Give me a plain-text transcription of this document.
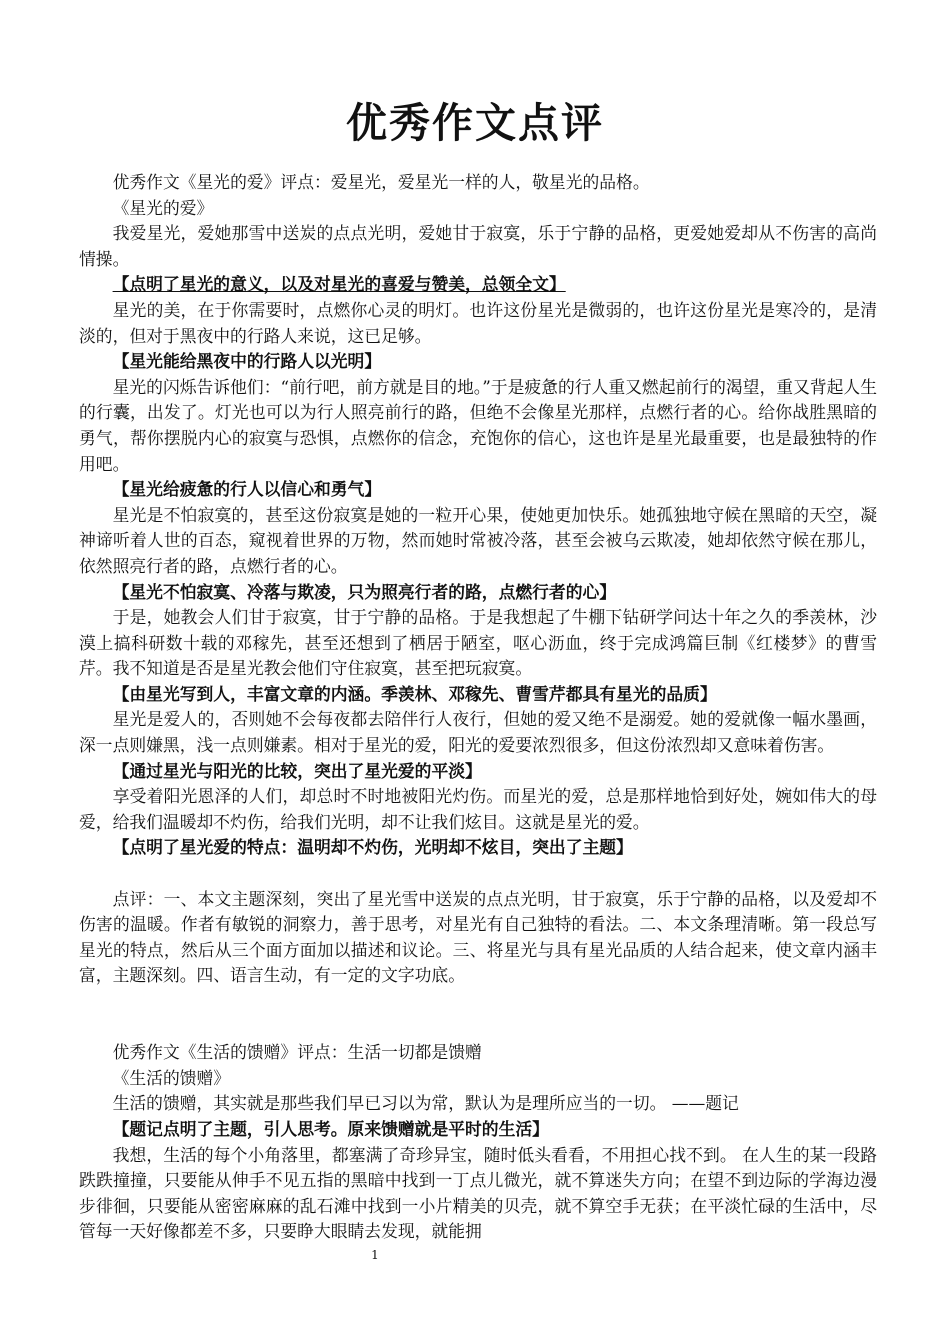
优秀作文点评

优秀作文《星光的爱》评点：爱星光，爱星光一样的人，敬星光的品格。

《星光的爱》

我爱星光，爱她那雪中送炭的点点光明，爱她甘于寂寞，乐于宁静的品格，更爱她爱却从不伤害的高尚情操。

【点明了星光的意义，以及对星光的喜爱与赞美，总领全文】

星光的美，在于你需要时，点燃你心灵的明灯。也许这份星光是微弱的，也许这份星光是寒冷的，是清淡的，但对于黑夜中的行路人来说，这已足够。

【星光能给黑夜中的行路人以光明】

星光的闪烁告诉他们：“前行吧，前方就是目的地。”于是疲惫的行人重又燃起前行的渴望，重又背起人生的行囊，出发了。灯光也可以为行人照亮前行的路，但绝不会像星光那样，点燃行者的心。给你战胜黑暗的勇气，帮你摆脱内心的寂寞与恐惧，点燃你的信念，充饱你的信心，这也许是星光最重要，也是最独特的作用吧。

【星光给疲惫的行人以信心和勇气】

星光是不怕寂寞的，甚至这份寂寞是她的一粒开心果，使她更加快乐。她孤独地守候在黑暗的天空，凝神谛听着人世的百态，窥视着世界的万物，然而她时常被冷落，甚至会被乌云欺凌，她却依然守候在那儿，依然照亮行者的路，点燃行者的心。

【星光不怕寂寞、冷落与欺凌，只为照亮行者的路，点燃行者的心】

于是，她教会人们甘于寂寞，甘于宁静的品格。于是我想起了牛棚下钻研学问达十年之久的季羡林，沙漠上搞科研数十载的邓稼先，甚至还想到了栖居于陋室，呕心沥血，终于完成鸿篇巨制《红楼梦》的曹雪芹。我不知道是否是星光教会他们守住寂寞，甚至把玩寂寞。

【由星光写到人，丰富文章的内涵。季羡林、邓稼先、曹雪芹都具有星光的品质】

星光是爱人的，否则她不会每夜都去陪伴行人夜行，但她的爱又绝不是溺爱。她的爱就像一幅水墨画，深一点则嫌黑，浅一点则嫌素。相对于星光的爱，阳光的爱要浓烈很多，但这份浓烈却又意味着伤害。

【通过星光与阳光的比较，突出了星光爱的平淡】

享受着阳光恩泽的人们，却总时不时地被阳光灼伤。而星光的爱，总是那样地恰到好处，婉如伟大的母爱，给我们温暖却不灼伤，给我们光明，却不让我们炫目。这就是星光的爱。

【点明了星光爱的特点：温明却不灼伤，光明却不炫目，突出了主题】

点评：一、本文主题深刻，突出了星光雪中送炭的点点光明，甘于寂寞，乐于宁静的品格，以及爱却不伤害的温暖。作者有敏锐的洞察力，善于思考，对星光有自己独特的看法。二、本文条理清晰。第一段总写星光的特点，然后从三个面方面加以描述和议论。三、将星光与具有星光品质的人结合起来，使文章内涵丰富，主题深刻。四、语言生动，有一定的文字功底。

优秀作文《生活的馈赠》评点：生活一切都是馈赠

《生活的馈赠》

生活的馈赠，其实就是那些我们早已习以为常，默认为是理所应当的一切。 ——题记

【题记点明了主题，引人思考。原来馈赠就是平时的生活】

我想，生活的每个小角落里，都塞满了奇珍异宝，随时低头看看，不用担心找不到。 在人生的某一段路跌跌撞撞，只要能从伸手不见五指的黑暗中找到一丁点儿微光，就不算迷失方向；在望不到边际的学海边漫步徘徊，只要能从密密麻麻的乱石滩中找到一小片精美的贝壳，就不算空手无获；在平淡忙碌的生活中，尽管每一天好像都差不多，只要睁大眼睛去发现，就能拥

1
